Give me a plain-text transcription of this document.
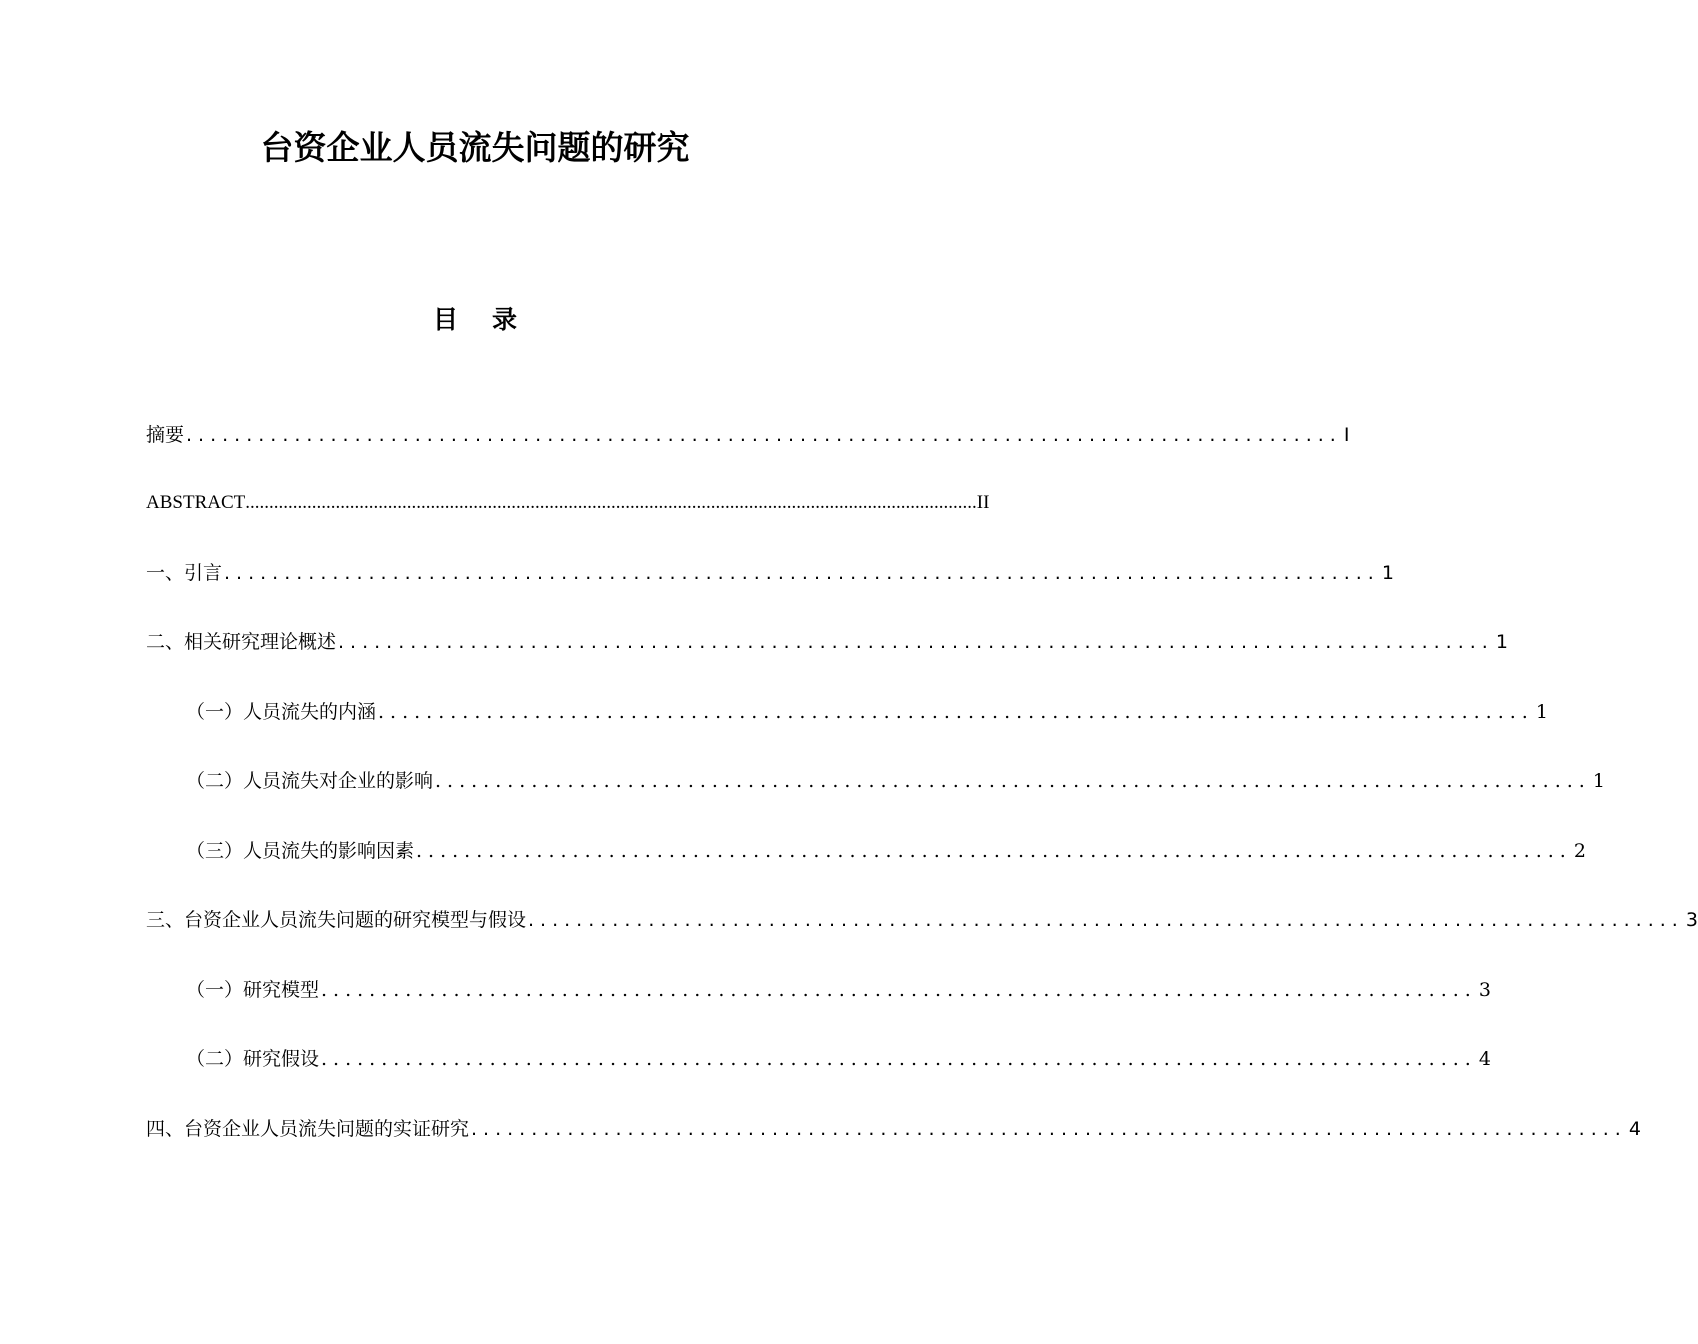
台资企业人员流失问题的研究
目 录
摘要 ................................................................................................ I
ABSTRACT .......................................................................................................................................................... II
一、引言 ................................................................................................ 1
二、相关研究理论概述 ................................................................................................ 1
（一）人员流失的内涵 ................................................................................................ 1
（二）人员流失对企业的影响 ................................................................................................ 1
（三）人员流失的影响因素 ................................................................................................ 2
三、台资企业人员流失问题的研究模型与假设 ................................................................................................ 3
（一）研究模型 ................................................................................................ 3
（二）研究假设 ................................................................................................ 4
四、台资企业人员流失问题的实证研究 ................................................................................................ 4
